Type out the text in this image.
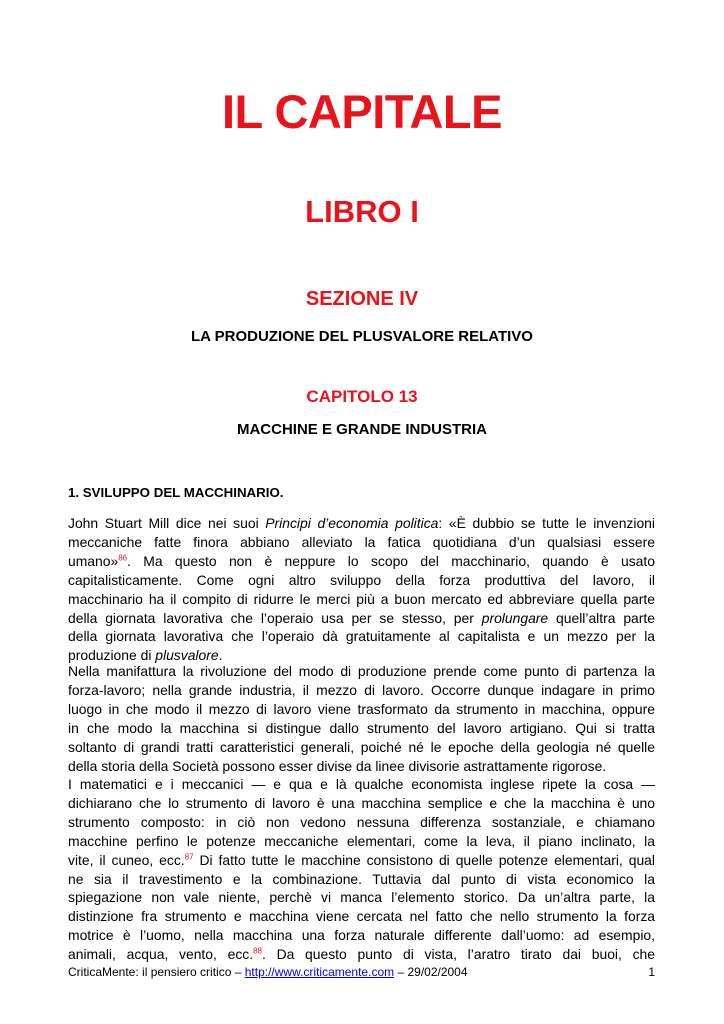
IL CAPITALE
LIBRO I
SEZIONE IV
LA PRODUZIONE DEL PLUSVALORE RELATIVO
CAPITOLO 13
MACCHINE E GRANDE INDUSTRIA
1. SVILUPPO DEL MACCHINARIO.
John Stuart Mill dice nei suoi Principi d’economia politica: «È dubbio se tutte le invenzioni
meccaniche fatte finora abbiano alleviato la fatica quotidiana d’un qualsiasi essere
umano»$^{86}$. Ma questo non è neppure lo scopo del macchinario, quando è usato
capitalisticamente. Come ogni altro sviluppo della forza produttiva del lavoro, il
macchinario ha il compito di ridurre le merci più a buon mercato ed abbreviare quella parte
della giornata lavorativa che l’operaio usa per se stesso, per prolungare quell’altra parte
della giornata lavorativa che l’operaio dà gratuitamente al capitalista e un mezzo per la
produzione di plusvalore.
Nella manifattura la rivoluzione del modo di produzione prende come punto di partenza la
forza-lavoro; nella grande industria, il mezzo di lavoro. Occorre dunque indagare in primo
luogo in che modo il mezzo di lavoro viene trasformato da strumento in macchina, oppure
in che modo la macchina si distingue dallo strumento del lavoro artigiano. Qui si tratta
soltanto di grandi tratti caratteristici generali, poiché né le epoche della geologia né quelle
della storia della Società possono esser divise da linee divisorie astrattamente rigorose.
I matematici e i meccanici — e qua e là qualche economista inglese ripete la cosa —
dichiarano che lo strumento di lavoro è una macchina semplice e che la macchina è uno
strumento composto: in ciò non vedono nessuna differenza sostanziale, e chiamano
macchine perfino le potenze meccaniche elementari, come la leva, il piano inclinato, la
vite, il cuneo, ecc.$^{87}$ Di fatto tutte le macchine consistono di quelle potenze elementari, qual
ne sia il travestimento e la combinazione. Tuttavia dal punto di vista economico la
spiegazione non vale niente, perchè vi manca l’elemento storico. Da un’altra parte, la
distinzione fra strumento e macchina viene cercata nel fatto che nello strumento la forza
motrice è l’uomo, nella macchina una forza naturale differente dall’uomo: ad esempio,
animali, acqua, vento, ecc.$^{88}$. Da questo punto di vista, l’aratro tirato dai buoi, che
CriticaMente: il pensiero critico – http://www.criticamente.com – 29/02/2004	1
